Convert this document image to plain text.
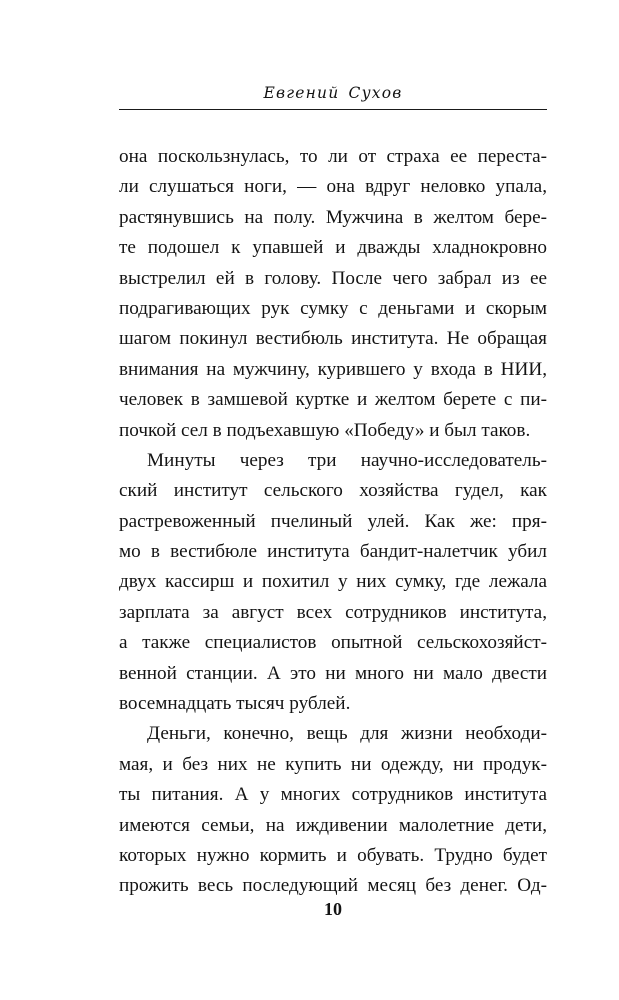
Евгений Сухов
она поскользнулась, то ли от страха ее переста-
ли слушаться ноги, — она вдруг неловко упала,
растянувшись на полу. Мужчина в желтом бере-
те подошел к упавшей и дважды хладнокровно
выстрелил ей в голову. После чего забрал из ее
подрагивающих рук сумку с деньгами и скорым
шагом покинул вестибюль института. Не обращая
внимания на мужчину, курившего у входа в НИИ,
человек в замшевой куртке и желтом берете с пи-
почкой сел в подъехавшую «Победу» и был таков.
Минуты через три научно-исследователь-
ский институт сельского хозяйства гудел, как
растревоженный пчелиный улей. Как же: пря-
мо в вестибюле института бандит-налетчик убил
двух кассирш и похитил у них сумку, где лежала
зарплата за август всех сотрудников института,
а также специалистов опытной сельскохозяйст-
венной станции. А это ни много ни мало двести
восемнадцать тысяч рублей.
Деньги, конечно, вещь для жизни необходи-
мая, и без них не купить ни одежду, ни продук-
ты питания. А у многих сотрудников института
имеются семьи, на иждивении малолетние дети,
которых нужно кормить и обувать. Трудно будет
прожить весь последующий месяц без денег. Од-
10
